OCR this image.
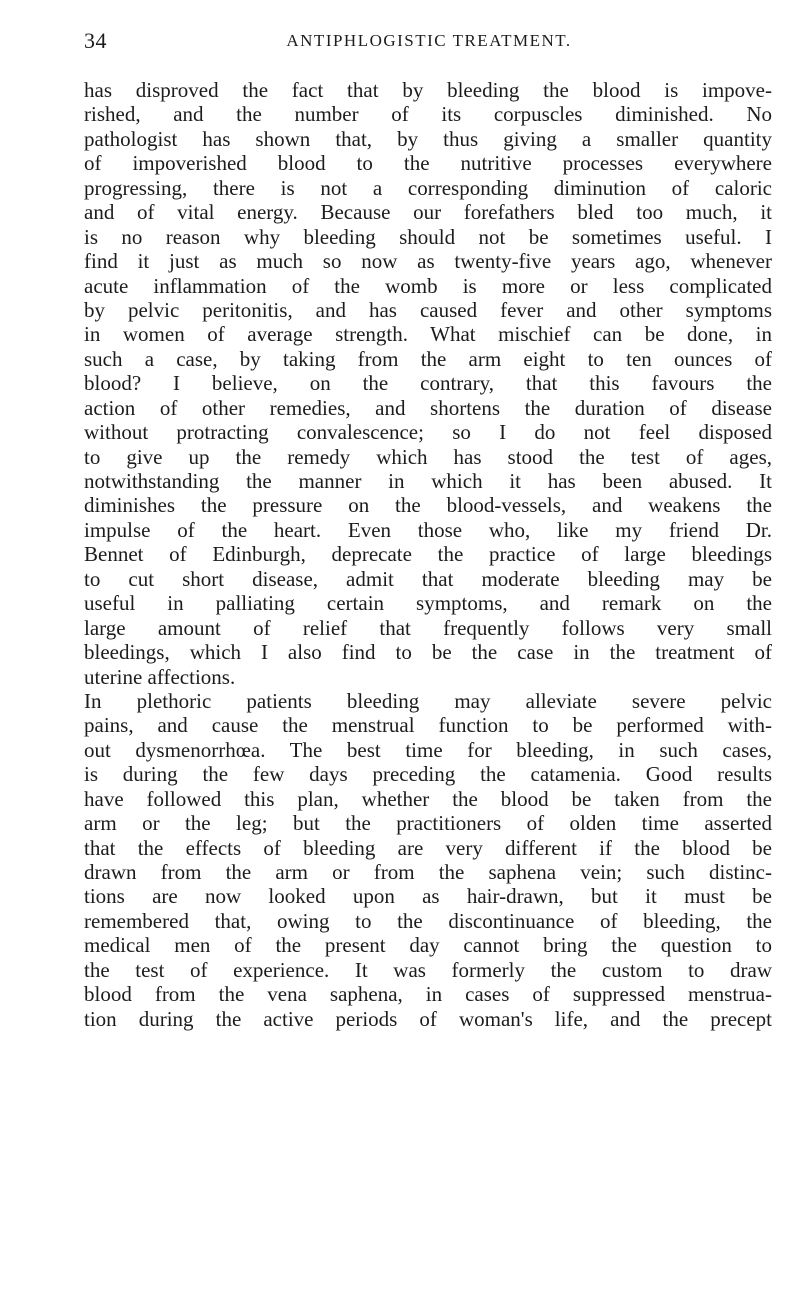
34	ANTIPHLOGISTIC TREATMENT.
has disproved the fact that by bleeding the blood is impove-
rished, and the number of its corpuscles diminished. No
pathologist has shown that, by thus giving a smaller quantity
of impoverished blood to the nutritive processes everywhere
progressing, there is not a corresponding diminution of caloric
and of vital energy. Because our forefathers bled too much, it
is no reason why bleeding should not be sometimes useful. I
find it just as much so now as twenty-five years ago, whenever
acute inflammation of the womb is more or less complicated
by pelvic peritonitis, and has caused fever and other symptoms
in women of average strength. What mischief can be done, in
such a case, by taking from the arm eight to ten ounces of
blood? I believe, on the contrary, that this favours the
action of other remedies, and shortens the duration of disease
without protracting convalescence; so I do not feel disposed
to give up the remedy which has stood the test of ages,
notwithstanding the manner in which it has been abused. It
diminishes the pressure on the blood-vessels, and weakens the
impulse of the heart. Even those who, like my friend Dr.
Bennet of Edinburgh, deprecate the practice of large bleedings
to cut short disease, admit that moderate bleeding may be
useful in palliating certain symptoms, and remark on the
large amount of relief that frequently follows very small
bleedings, which I also find to be the case in the treatment of
uterine affections.
In plethoric patients bleeding may alleviate severe pelvic
pains, and cause the menstrual function to be performed with-
out dysmenorrhœa. The best time for bleeding, in such cases,
is during the few days preceding the catamenia. Good results
have followed this plan, whether the blood be taken from the
arm or the leg; but the practitioners of olden time asserted
that the effects of bleeding are very different if the blood be
drawn from the arm or from the saphena vein; such distinc-
tions are now looked upon as hair-drawn, but it must be
remembered that, owing to the discontinuance of bleeding, the
medical men of the present day cannot bring the question to
the test of experience. It was formerly the custom to draw
blood from the vena saphena, in cases of suppressed menstrua-
tion during the active periods of woman's life, and the precept
